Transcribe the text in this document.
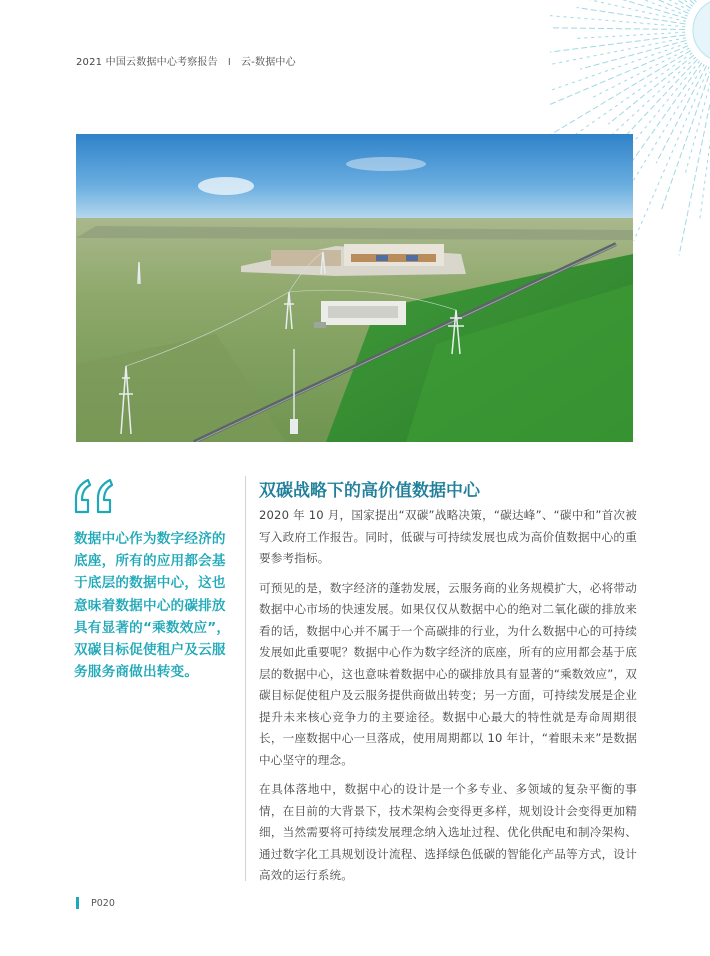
2021 中国云数据中心考察报告 I 云-数据中心
数据中心作为数字经济的底座，所有的应用都会基于底层的数据中心，这也意味着数据中心的碳排放具有显著的“乘数效应”，双碳目标促使租户及云服务服务商做出转变。
双碳战略下的高价值数据中心

2020 年 10 月，国家提出“双碳”战略决策，“碳达峰”、“碳中和”首次被写入政府工作报告。同时，低碳与可持续发展也成为高价值数据中心的重要参考指标。

可预见的是，数字经济的蓬勃发展，云服务商的业务规模扩大，必将带动数据中心市场的快速发展。如果仅仅从数据中心的绝对二氧化碳的排放来看的话，数据中心并不属于一个高碳排的行业，为什么数据中心的可持续发展如此重要呢？数据中心作为数字经济的底座，所有的应用都会基于底层的数据中心，这也意味着数据中心的碳排放具有显著的“乘数效应”，双碳目标促使租户及云服务提供商做出转变；另一方面，可持续发展是企业提升未来核心竞争力的主要途径。数据中心最大的特性就是寿命周期很长，一座数据中心一旦落成，使用周期都以 10 年计，“着眼未来”是数据中心坚守的理念。

在具体落地中，数据中心的设计是一个多专业、多领域的复杂平衡的事情，在目前的大背景下，技术架构会变得更多样，规划设计会变得更加精细，当然需要将可持续发展理念纳入选址过程、优化供配电和制冷架构、通过数字化工具规划设计流程、选择绿色低碳的智能化产品等方式，设计高效的运行系统。

P020
